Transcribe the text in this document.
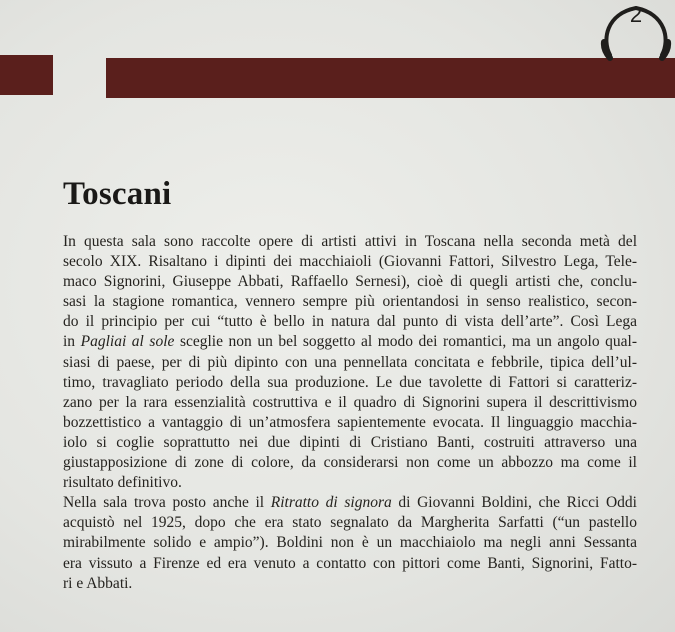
2
Toscani
In questa sala sono raccolte opere di artisti attivi in Toscana nella seconda metà del
secolo XIX. Risaltano i dipinti dei macchiaioli (Giovanni Fattori, Silvestro Lega, Tele-
maco Signorini, Giuseppe Abbati, Raffaello Sernesi), cioè di quegli artisti che, conclu-
sasi la stagione romantica, vennero sempre più orientandosi in senso realistico, secon-
do il principio per cui “tutto è bello in natura dal punto di vista dell’arte”. Così Lega
in Pagliai al sole sceglie non un bel soggetto al modo dei romantici, ma un angolo qual-
siasi di paese, per di più dipinto con una pennellata concitata e febbrile, tipica dell’ul-
timo, travagliato periodo della sua produzione. Le due tavolette di Fattori si caratteriz-
zano per la rara essenzialità costruttiva e il quadro di Signorini supera il descrittivismo
bozzettistico a vantaggio di un’atmosfera sapientemente evocata. Il linguaggio macchia-
iolo si coglie soprattutto nei due dipinti di Cristiano Banti, costruiti attraverso una
giustapposizione di zone di colore, da considerarsi non come un abbozzo ma come il
risultato definitivo.
Nella sala trova posto anche il Ritratto di signora di Giovanni Boldini, che Ricci Oddi
acquistò nel 1925, dopo che era stato segnalato da Margherita Sarfatti (“un pastello
mirabilmente solido e ampio”). Boldini non è un macchiaiolo ma negli anni Sessanta
era vissuto a Firenze ed era venuto a contatto con pittori come Banti, Signorini, Fatto-
ri e Abbati.
